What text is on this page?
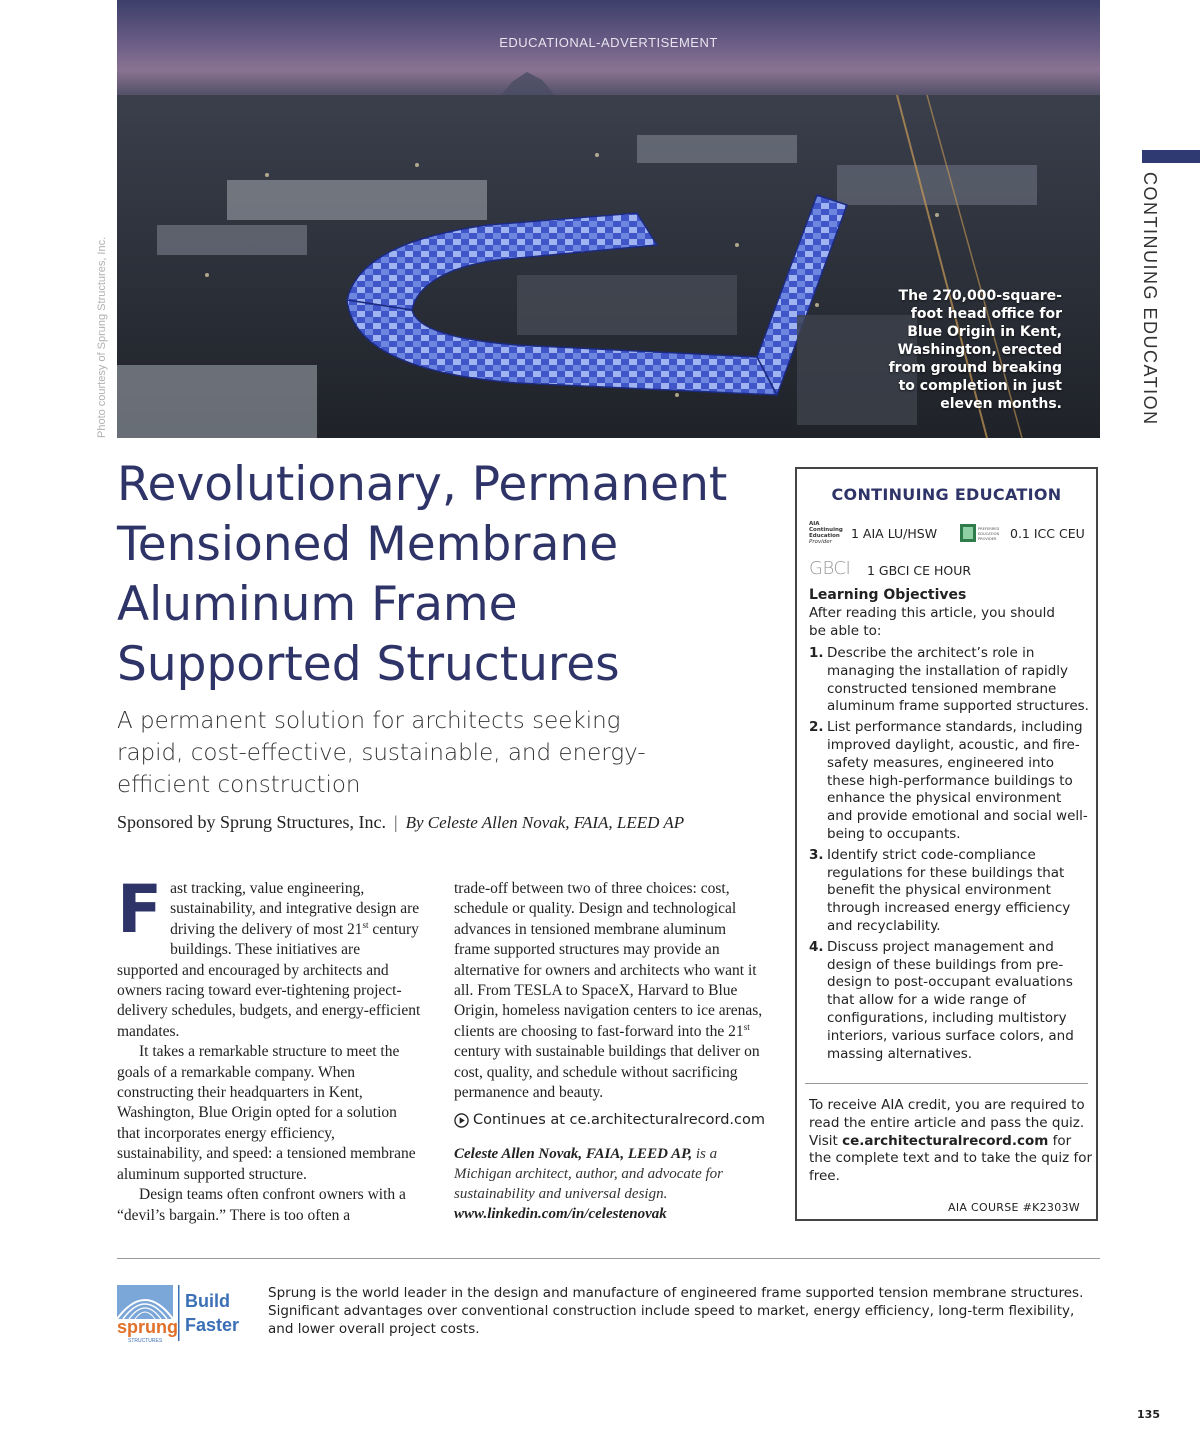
EDUCATIONAL-ADVERTISEMENT
The 270,000-square-foot head office for Blue Origin in Kent, Washington, erected from ground breaking to completion in just eleven months.
Photo courtesy of Sprung Structures, Inc.	CONTINUING EDUCATION
Revolutionary, Permanent Tensioned Membrane Aluminum Frame Supported Structures
A permanent solution for architects seeking rapid, cost-effective, sustainable, and energy-efficient construction
Sponsored by Sprung Structures, Inc. | By Celeste Allen Novak, FAIA, LEED AP

Fast tracking, value engineering, sustainability, and integrative design are driving the delivery of most 21st century buildings. These initiatives are supported and encouraged by architects and owners racing toward ever-tightening project-delivery schedules, budgets, and energy-efficient mandates.

It takes a remarkable structure to meet the goals of a remarkable company. When constructing their headquarters in Kent, Washington, Blue Origin opted for a solution that incorporates energy efficiency, sustainability, and speed: a tensioned membrane aluminum supported structure.

Design teams often confront owners with a “devil’s bargain.” There is too often a

trade-off between two of three choices: cost, schedule or quality. Design and technological advances in tensioned membrane aluminum frame supported structures may provide an alternative for owners and architects who want it all. From TESLA to SpaceX, Harvard to Blue Origin, homeless navigation centers to ice arenas, clients are choosing to fast-forward into the 21st century with sustainable buildings that deliver on cost, quality, and schedule without sacrificing permanence and beauty.

Continues at ce.architecturalrecord.com
Celeste Allen Novak, FAIA, LEED AP, is a Michigan architect, author, and advocate for sustainability and universal design.
www.linkedin.com/in/celestenovak
CONTINUING EDUCATION
AIA
Continuing
Education
Provider
1 AIA LU/HSW	PREFERRED
EDUCATION
PROVIDER 0.1 ICC CEU
GBCI 1 GBCI CE HOUR
Learning Objectives
After reading this article, you should be able to:
1. Describe the architect’s role in managing the installation of rapidly constructed tensioned membrane aluminum frame supported structures.
2. List performance standards, including improved daylight, acoustic, and fire-safety measures, engineered into these high-performance buildings to enhance the physical environment and provide emotional and social well-being to occupants.
3. Identify strict code-compliance regulations for these buildings that benefit the physical environment through increased energy efficiency and recyclability.
4. Discuss project management and design of these buildings from pre-design to post-occupant evaluations that allow for a wide range of configurations, including multistory interiors, various surface colors, and massing alternatives.
To receive AIA credit, you are required to read the entire article and pass the quiz. Visit ce.architecturalrecord.com for the complete text and to take the quiz for free.
AIA COURSE #K2303W
sprung
STRUCTURES
Build
Faster
Sprung is the world leader in the design and manufacture of engineered frame supported tension membrane structures. Significant advantages over conventional construction include speed to market, energy efficiency, long-term flexibility, and lower overall project costs.
135
